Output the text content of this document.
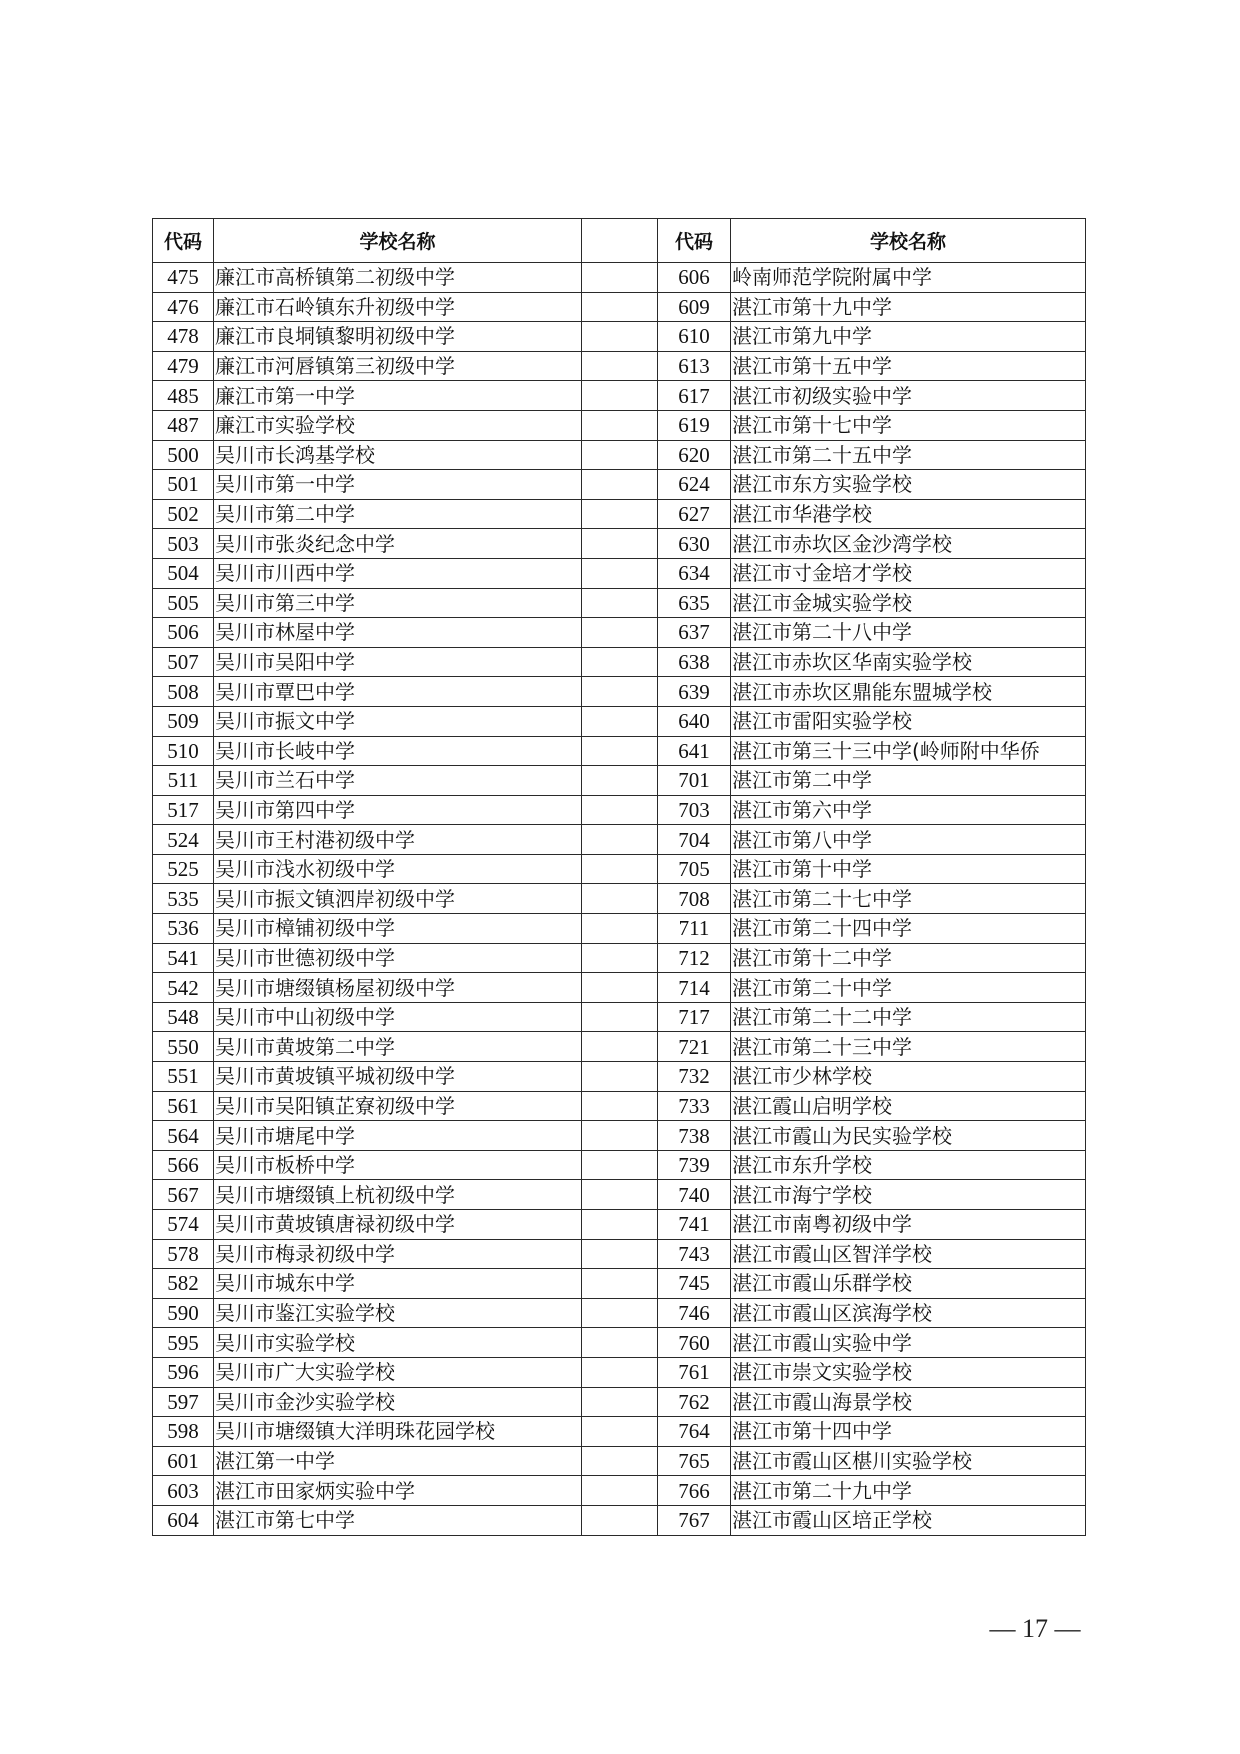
代码	学校名称		代码	学校名称
475	廉江市高桥镇第二初级中学		606	岭南师范学院附属中学
476	廉江市石岭镇东升初级中学		609	湛江市第十九中学
478	廉江市良垌镇黎明初级中学		610	湛江市第九中学
479	廉江市河唇镇第三初级中学		613	湛江市第十五中学
485	廉江市第一中学		617	湛江市初级实验中学
487	廉江市实验学校		619	湛江市第十七中学
500	吴川市长鸿基学校		620	湛江市第二十五中学
501	吴川市第一中学		624	湛江市东方实验学校
502	吴川市第二中学		627	湛江市华港学校
503	吴川市张炎纪念中学		630	湛江市赤坎区金沙湾学校
504	吴川市川西中学		634	湛江市寸金培才学校
505	吴川市第三中学		635	湛江市金城实验学校
506	吴川市林屋中学		637	湛江市第二十八中学
507	吴川市吴阳中学		638	湛江市赤坎区华南实验学校
508	吴川市覃巴中学		639	湛江市赤坎区鼎能东盟城学校
509	吴川市振文中学		640	湛江市雷阳实验学校
510	吴川市长岐中学		641	湛江市第三十三中学(岭师附中华侨
511	吴川市兰石中学		701	湛江市第二中学
517	吴川市第四中学		703	湛江市第六中学
524	吴川市王村港初级中学		704	湛江市第八中学
525	吴川市浅水初级中学		705	湛江市第十中学
535	吴川市振文镇泗岸初级中学		708	湛江市第二十七中学
536	吴川市樟铺初级中学		711	湛江市第二十四中学
541	吴川市世德初级中学		712	湛江市第十二中学
542	吴川市塘缀镇杨屋初级中学		714	湛江市第二十中学
548	吴川市中山初级中学		717	湛江市第二十二中学
550	吴川市黄坡第二中学		721	湛江市第二十三中学
551	吴川市黄坡镇平城初级中学		732	湛江市少林学校
561	吴川市吴阳镇芷寮初级中学		733	湛江霞山启明学校
564	吴川市塘尾中学		738	湛江市霞山为民实验学校
566	吴川市板桥中学		739	湛江市东升学校
567	吴川市塘缀镇上杭初级中学		740	湛江市海宁学校
574	吴川市黄坡镇唐禄初级中学		741	湛江市南粤初级中学
578	吴川市梅录初级中学		743	湛江市霞山区智洋学校
582	吴川市城东中学		745	湛江市霞山乐群学校
590	吴川市鉴江实验学校		746	湛江市霞山区滨海学校
595	吴川市实验学校		760	湛江市霞山实验中学
596	吴川市广大实验学校		761	湛江市崇文实验学校
597	吴川市金沙实验学校		762	湛江市霞山海景学校
598	吴川市塘缀镇大洋明珠花园学校		764	湛江市第十四中学
601	湛江第一中学		765	湛江市霞山区椹川实验学校
603	湛江市田家炳实验中学		766	湛江市第二十九中学
604	湛江市第七中学		767	湛江市霞山区培正学校
— 17 —
